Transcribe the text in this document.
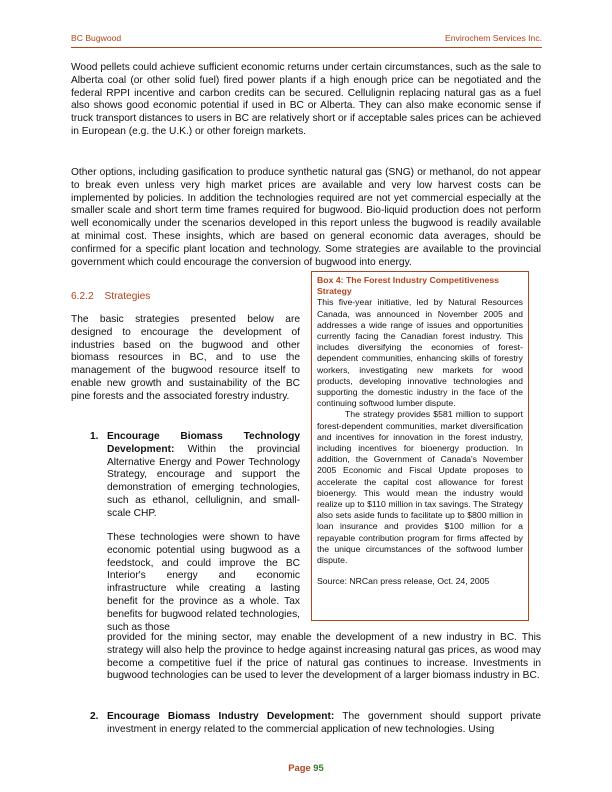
BC Bugwood	Envirochem Services Inc.
Wood pellets could achieve sufficient economic returns under certain circumstances, such as the sale to Alberta coal (or other solid fuel) fired power plants if a high enough price can be negotiated and the federal RPPI incentive and carbon credits can be secured. Cellulignin replacing natural gas as a fuel also shows good economic potential if used in BC or Alberta. They can also make economic sense if truck transport distances to users in BC are relatively short or if acceptable sales prices can be achieved in European (e.g. the U.K.) or other foreign markets.
Other options, including gasification to produce synthetic natural gas (SNG) or methanol, do not appear to break even unless very high market prices are available and very low harvest costs can be implemented by policies. In addition the technologies required are not yet commercial especially at the smaller scale and short term time frames required for bugwood. Bio-liquid production does not perform well economically under the scenarios developed in this report unless the bugwood is readily available at minimal cost. These insights, which are based on general economic data averages, should be confirmed for a specific plant location and technology. Some strategies are available to the provincial government which could encourage the conversion of bugwood into energy.
6.2.2 Strategies
The basic strategies presented below are designed to encourage the development of industries based on the bugwood and other biomass resources in BC, and to use the management of the bugwood resource itself to enable new growth and sustainability of the BC pine forests and the associated forestry industry.
1. Encourage Biomass Technology Development: Within the provincial Alternative Energy and Power Technology Strategy, encourage and support the demonstration of emerging technologies, such as ethanol, cellulignin, and small-scale CHP.
These technologies were shown to have economic potential using bugwood as a feedstock, and could improve the BC Interior's energy and economic infrastructure while creating a lasting benefit for the province as a whole. Tax benefits for bugwood related technologies, such as those
provided for the mining sector, may enable the development of a new industry in BC. This strategy will also help the province to hedge against increasing natural gas prices, as wood may become a competitive fuel if the price of natural gas continues to increase. Investments in bugwood technologies can be used to lever the development of a larger biomass industry in BC.
2. Encourage Biomass Industry Development: The government should support private investment in energy related to the commercial application of new technologies. Using
Box 4: The Forest Industry Competitiveness Strategy
This five-year initiative, led by Natural Resources Canada, was announced in November 2005 and addresses a wide range of issues and opportunities currently facing the Canadian forest industry. This includes diversifying the economies of forest-dependent communities, enhancing skills of forestry workers, investigating new markets for wood products, developing innovative technologies and supporting the domestic industry in the face of the continuing softwood lumber dispute.
The strategy provides $581 million to support forest-dependent communities, market diversification and incentives for innovation in the forest industry, including incentives for bioenergy production. In addition, the Government of Canada's November 2005 Economic and Fiscal Update proposes to accelerate the capital cost allowance for forest bioenergy. This would mean the industry would realize up to $110 million in tax savings. The Strategy also sets aside funds to facilitate up to $800 million in loan insurance and provides $100 million for a repayable contribution program for firms affected by the unique circumstances of the softwood lumber dispute.
Source: NRCan press release, Oct. 24, 2005
Page 95
